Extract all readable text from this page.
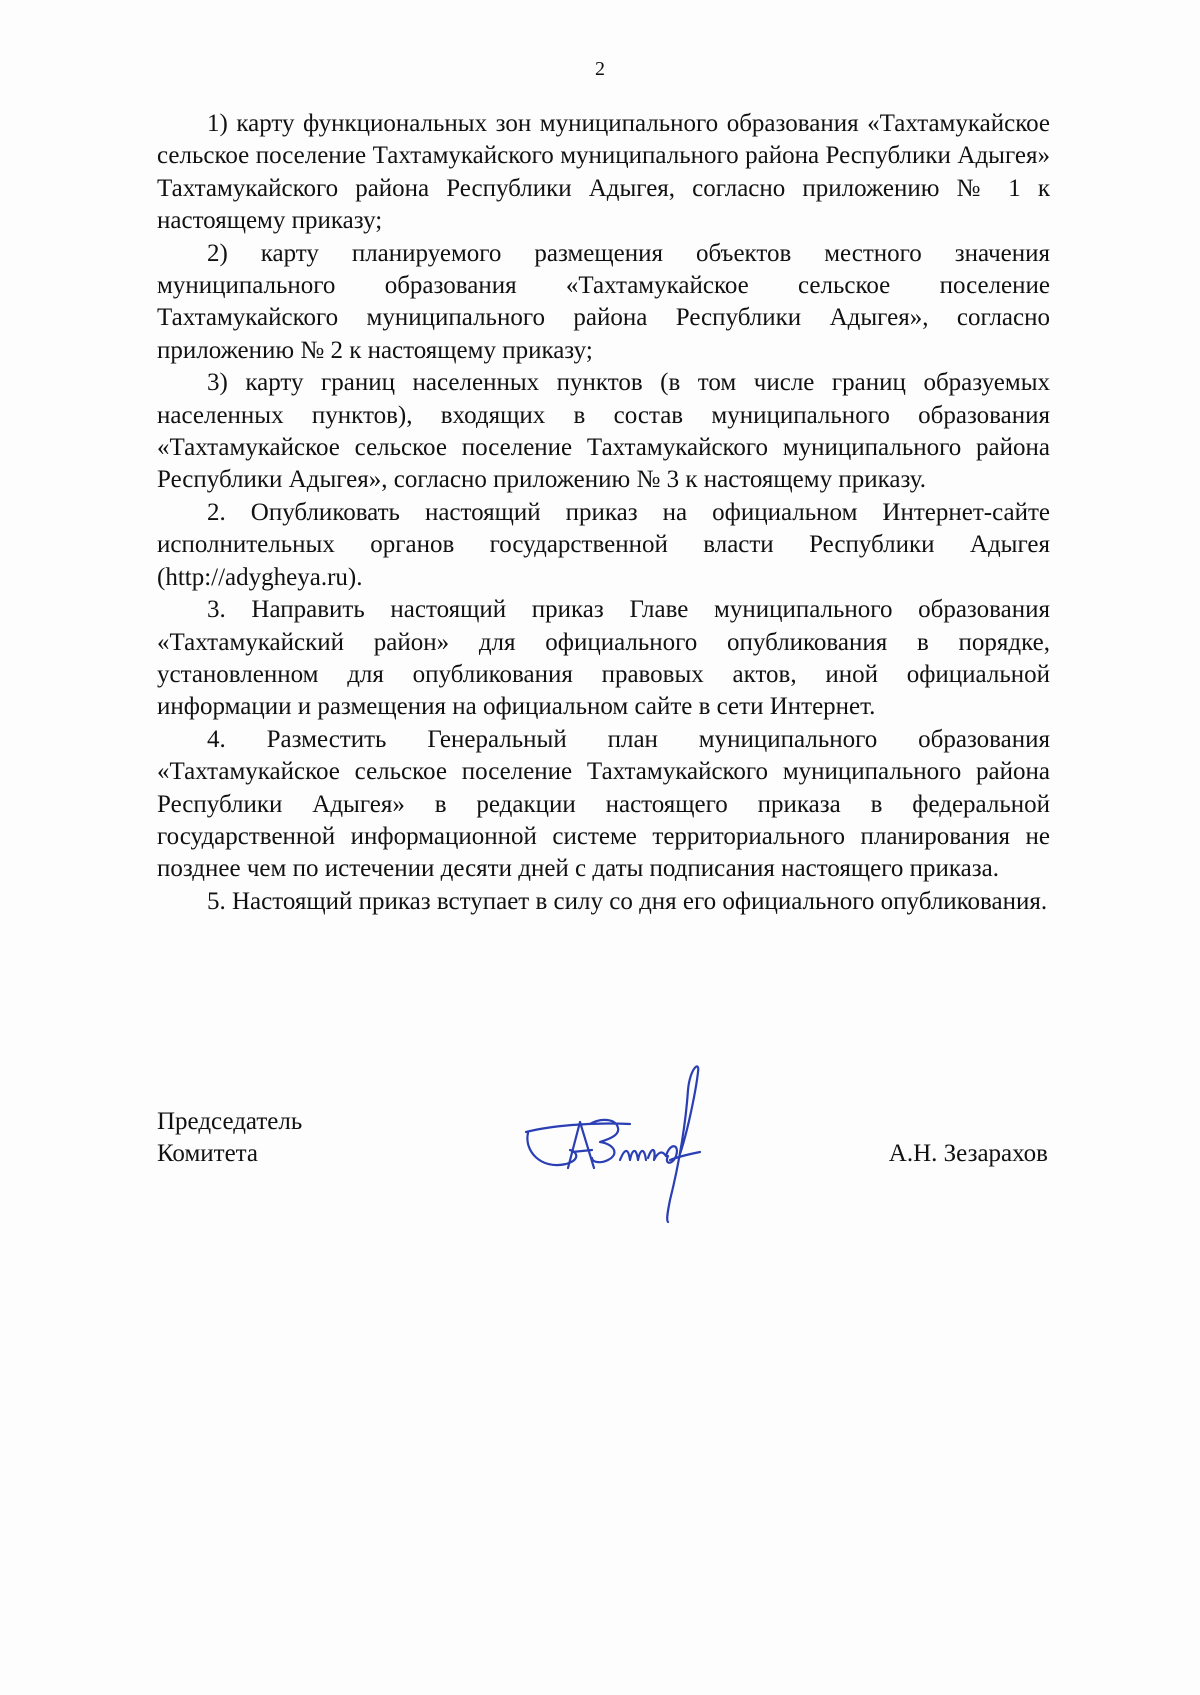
2

1) карту функциональных зон муниципального образования «Тахтамукайское сельское поселение Тахтамукайского муниципального района Республики Адыгея» Тахтамукайского района Республики Адыгея, согласно приложению № 1 к настоящему приказу;

2) карту планируемого размещения объектов местного значения муниципального образования «Тахтамукайское сельское поселение Тахтамукайского муниципального района Республики Адыгея», согласно приложению № 2 к настоящему приказу;

3) карту границ населенных пунктов (в том числе границ образуемых населенных пунктов), входящих в состав муниципального образования «Тахтамукайское сельское поселение Тахтамукайского муниципального района Республики Адыгея», согласно приложению № 3 к настоящему приказу.

2. Опубликовать настоящий приказ на официальном Интернет-сайте исполнительных органов государственной власти Республики Адыгея (http://adygheya.ru).

3. Направить настоящий приказ Главе муниципального образования «Тахтамукайский район» для официального опубликования в порядке, установленном для опубликования правовых актов, иной официальной информации и размещения на официальном сайте в сети Интернет.

4. Разместить Генеральный план муниципального образования «Тахтамукайское сельское поселение Тахтамукайского муниципального района Республики Адыгея» в редакции настоящего приказа в федеральной государственной информационной системе территориального планирования не позднее чем по истечении десяти дней с даты подписания настоящего приказа.

5. Настоящий приказ вступает в силу со дня его официального опубликования.

Председатель
Комитета	А.Н. Зезарахов
